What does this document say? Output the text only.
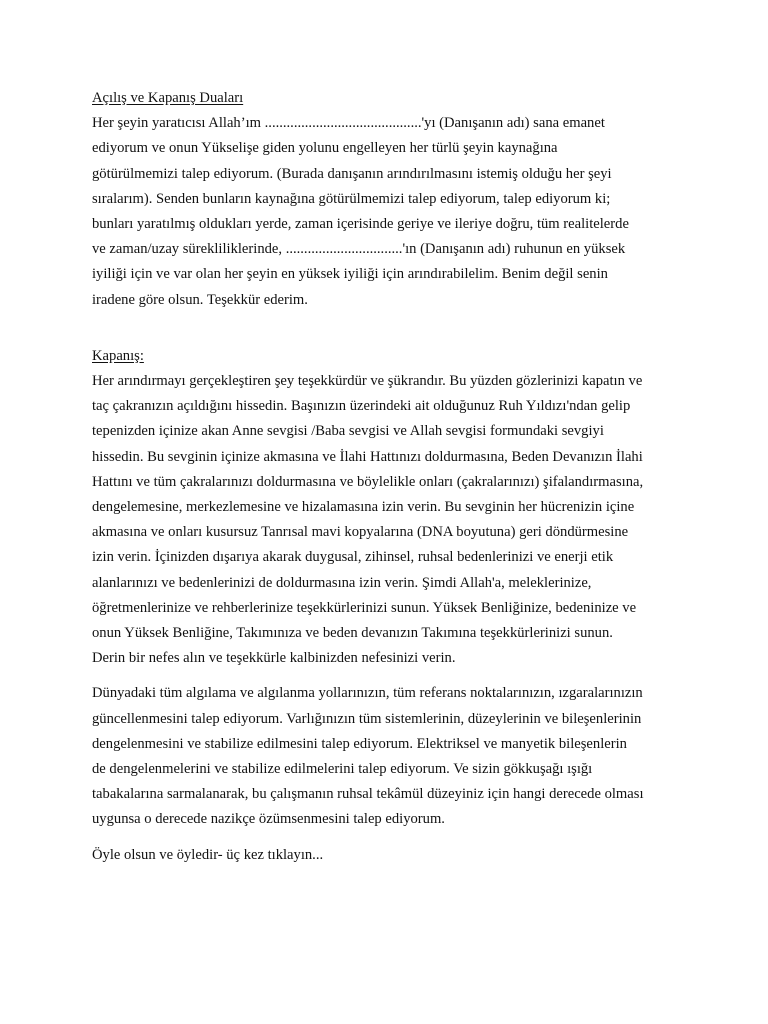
Açılış ve Kapanış Duaları

Her şeyin yaratıcısı Allah’ım ...........................................'yı (Danışanın adı) sana emanet
ediyorum ve onun Yükselişe giden yolunu engelleyen her türlü şeyin kaynağına
götürülmemizi talep ediyorum. (Burada danışanın arındırılmasını istemiş olduğu her şeyi
sıralarım). Senden bunların kaynağına götürülmemizi talep ediyorum, talep ediyorum ki;
bunları yaratılmış oldukları yerde, zaman içerisinde geriye ve ileriye doğru, tüm realitelerde
ve zaman/uzay sürekliliklerinde, ................................'ın (Danışanın adı) ruhunun en yüksek
iyiliği için ve var olan her şeyin en yüksek iyiliği için arındırabilelim. Benim değil senin
iradene göre olsun. Teşekkür ederim.

Kapanış:

Her arındırmayı gerçekleştiren şey teşekkürdür ve şükrandır. Bu yüzden gözlerinizi kapatın ve
taç çakranızın açıldığını hissedin. Başınızın üzerindeki ait olduğunuz Ruh Yıldızı'ndan gelip
tepenizden içinize akan Anne sevgisi /Baba sevgisi ve Allah sevgisi formundaki sevgiyi
hissedin. Bu sevginin içinize akmasına ve İlahi Hattınızı doldurmasına, Beden Devanızın İlahi
Hattını ve tüm çakralarınızı doldurmasına ve böylelikle onları (çakralarınızı) şifalandırmasına,
dengelemesine, merkezlemesine ve hizalamasına izin verin. Bu sevginin her hücrenizin içine
akmasına ve onları kusursuz Tanrısal mavi kopyalarına (DNA boyutuna) geri döndürmesine
izin verin. İçinizden dışarıya akarak duygusal, zihinsel, ruhsal bedenlerinizi ve enerji etik
alanlarınızı ve bedenlerinizi de doldurmasına izin verin. Şimdi Allah'a, meleklerinize,
öğretmenlerinize ve rehberlerinize teşekkürlerinizi sunun. Yüksek Benliğinize, bedeninize ve
onun Yüksek Benliğine, Takımınıza ve beden devanızın Takımına teşekkürlerinizi sunun.
Derin bir nefes alın ve teşekkürle kalbinizden nefesinizi verin.

Dünyadaki tüm algılama ve algılanma yollarınızın, tüm referans noktalarınızın, ızgaralarınızın
güncellenmesini talep ediyorum. Varlığınızın tüm sistemlerinin, düzeylerinin ve bileşenlerinin
dengelenmesini ve stabilize edilmesini talep ediyorum. Elektriksel ve manyetik bileşenlerin
de dengelenmelerini ve stabilize edilmelerini talep ediyorum. Ve sizin gökkuşağı ışığı
tabakalarına sarmalanarak, bu çalışmanın ruhsal tekâmül düzeyiniz için hangi derecede olması
uygunsa o derecede nazikçe özümsenmesini talep ediyorum.

Öyle olsun ve öyledir- üç kez tıklayın...
